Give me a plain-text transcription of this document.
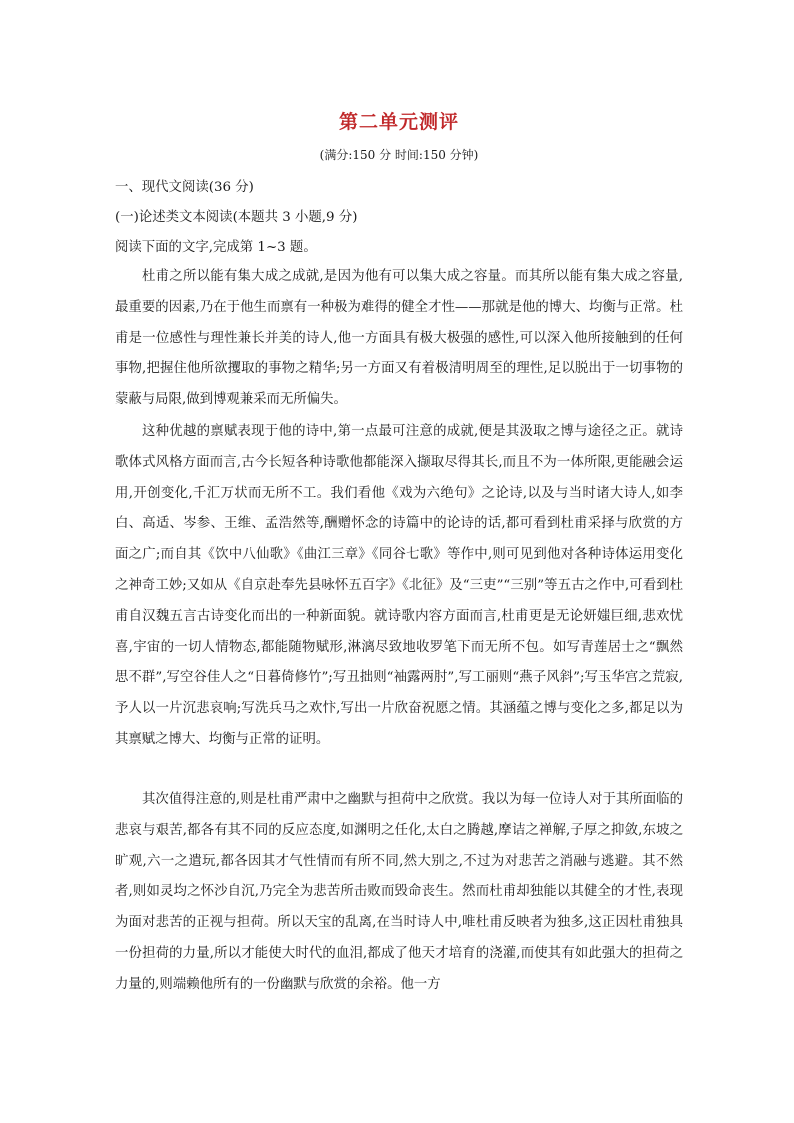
第二单元测评
(满分:150 分 时间:150 分钟)
一、现代文阅读(36 分)
(一)论述类文本阅读(本题共 3 小题,9 分)
阅读下面的文字,完成第 1~3 题。

杜甫之所以能有集大成之成就,是因为他有可以集大成之容量。而其所以能有集大成之容量,最重要的因素,乃在于他生而禀有一种极为难得的健全才性——那就是他的博大、均衡与正常。杜甫是一位感性与理性兼长并美的诗人,他一方面具有极大极强的感性,可以深入他所接触到的任何事物,把握住他所欲攫取的事物之精华;另一方面又有着极清明周至的理性,足以脱出于一切事物的蒙蔽与局限,做到博观兼采而无所偏失。

这种优越的禀赋表现于他的诗中,第一点最可注意的成就,便是其汲取之博与途径之正。就诗歌体式风格方面而言,古今长短各种诗歌他都能深入撷取尽得其长,而且不为一体所限,更能融会运用,开创变化,千汇万状而无所不工。我们看他《戏为六绝句》之论诗,以及与当时诸大诗人,如李白、高适、岑参、王维、孟浩然等,酬赠怀念的诗篇中的论诗的话,都可看到杜甫采择与欣赏的方面之广;而自其《饮中八仙歌》《曲江三章》《同谷七歌》等作中,则可见到他对各种诗体运用变化之神奇工妙;又如从《自京赴奉先县咏怀五百字》《北征》及“三吏”“三别”等五古之作中,可看到杜甫自汉魏五言古诗变化而出的一种新面貌。就诗歌内容方面而言,杜甫更是无论妍媸巨细,悲欢忧喜,宇宙的一切人情物态,都能随物赋形,淋漓尽致地收罗笔下而无所不包。如写青莲居士之“飘然思不群”,写空谷佳人之“日暮倚修竹”;写丑拙则“袖露两肘”,写工丽则“燕子风斜”;写玉华宫之荒寂,予人以一片沉悲哀响;写洗兵马之欢忭,写出一片欣奋祝愿之情。其涵蕴之博与变化之多,都足以为其禀赋之博大、均衡与正常的证明。

其次值得注意的,则是杜甫严肃中之幽默与担荷中之欣赏。我以为每一位诗人对于其所面临的悲哀与艰苦,都各有其不同的反应态度,如渊明之任化,太白之腾越,摩诘之禅解,子厚之抑敛,东坡之旷观,六一之遣玩,都各因其才气性情而有所不同,然大别之,不过为对悲苦之消融与逃避。其不然者,则如灵均之怀沙自沉,乃完全为悲苦所击败而毁命丧生。然而杜甫却独能以其健全的才性,表现为面对悲苦的正视与担荷。所以天宝的乱离,在当时诗人中,唯杜甫反映者为独多,这正因杜甫独具一份担荷的力量,所以才能使大时代的血泪,都成了他天才培育的浇灌,而使其有如此强大的担荷之力量的,则端赖他所有的一份幽默与欣赏的余裕。他一方
